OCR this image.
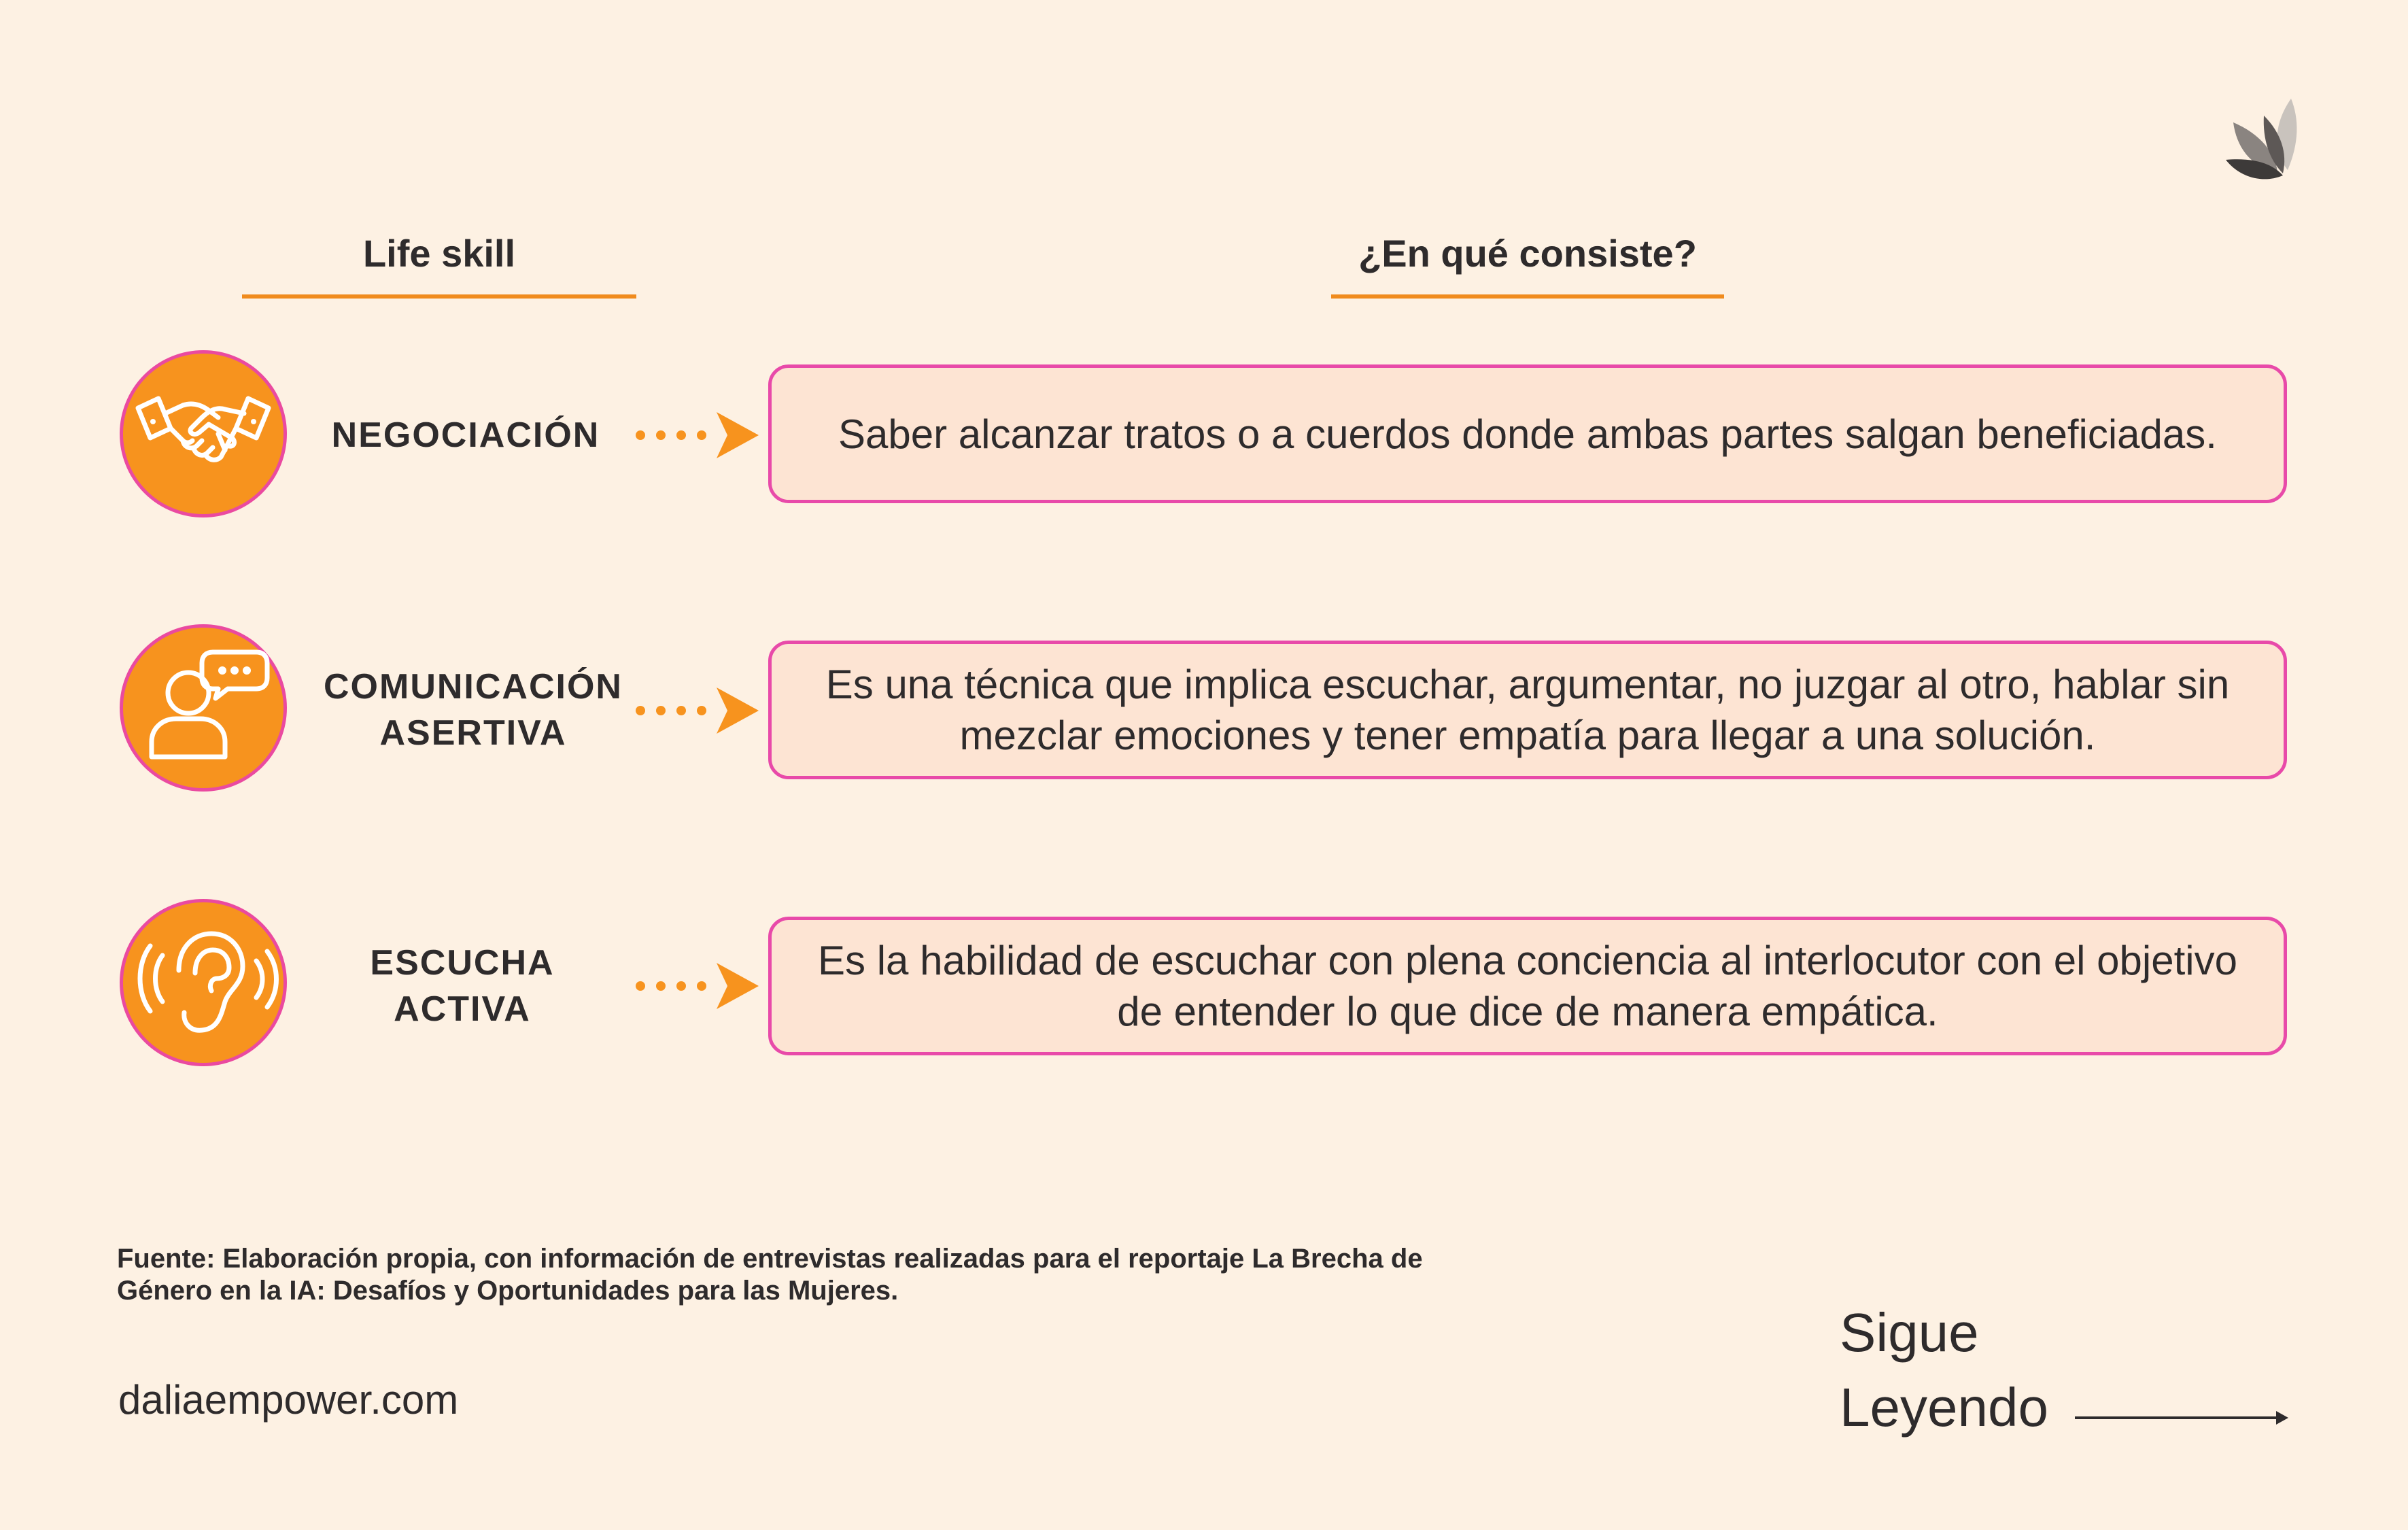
Life skill	¿En qué consiste?
NEGOCIACIÓN	Saber alcanzar tratos o a cuerdos donde ambas partes salgan beneficiadas.
COMUNICACIÓN
ASERTIVA
Es una técnica que implica escuchar, argumentar, no juzgar al otro, hablar sin mezclar emociones y tener empatía para llegar a una solución.
ESCUCHA
ACTIVA
Es la habilidad de escuchar con plena conciencia al interlocutor con el objetivo de entender lo que dice de manera empática.
Fuente: Elaboración propia, con información de entrevistas realizadas para el reportaje La Brecha de
Género en la IA: Desafíos y Oportunidades para las Mujeres.
daliaempower.com
Sigue
Leyendo
